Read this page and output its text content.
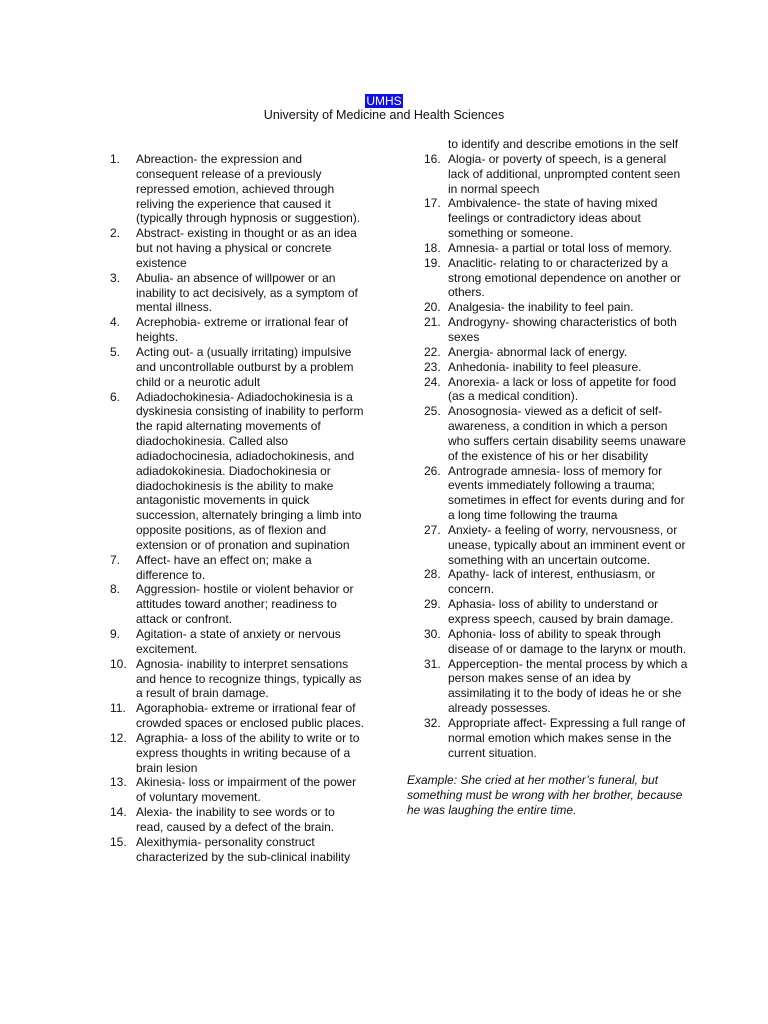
UMHS
University of Medicine and Health Sciences
1. Abreaction- the expression and consequent release of a previously repressed emotion, achieved through reliving the experience that caused it (typically through hypnosis or suggestion).
2. Abstract- existing in thought or as an idea but not having a physical or concrete existence
3. Abulia- an absence of willpower or an inability to act decisively, as a symptom of mental illness.
4. Acrephobia- extreme or irrational fear of heights.
5. Acting out- a (usually irritating) impulsive and uncontrollable outburst by a problem child or a neurotic adult
6. Adiadochokinesia- Adiadochokinesia is a dyskinesia consisting of inability to perform the rapid alternating movements of diadochokinesia. Called also adiadochocinesia, adiadochokinesis, and adiadokokinesia. Diadochokinesia or diadochokinesis is the ability to make antagonistic movements in quick succession, alternately bringing a limb into opposite positions, as of flexion and extension or of pronation and supination
7. Affect- have an effect on; make a difference to.
8. Aggression- hostile or violent behavior or attitudes toward another; readiness to attack or confront.
9. Agitation- a state of anxiety or nervous excitement.
10. Agnosia- inability to interpret sensations and hence to recognize things, typically as a result of brain damage.
11. Agoraphobia- extreme or irrational fear of crowded spaces or enclosed public places.
12. Agraphia- a loss of the ability to write or to express thoughts in writing because of a brain lesion
13. Akinesia- loss or impairment of the power of voluntary movement.
14. Alexia- the inability to see words or to read, caused by a defect of the brain.
15. Alexithymia- personality construct characterized by the sub-clinical inability
to identify and describe emotions in the self
16. Alogia- or poverty of speech, is a general lack of additional, unprompted content seen in normal speech
17. Ambivalence- the state of having mixed feelings or contradictory ideas about something or someone.
18. Amnesia- a partial or total loss of memory.
19. Anaclitic- relating to or characterized by a strong emotional dependence on another or others.
20. Analgesia- the inability to feel pain.
21. Androgyny- showing characteristics of both sexes
22. Anergia- abnormal lack of energy.
23. Anhedonia- inability to feel pleasure.
24. Anorexia- a lack or loss of appetite for food (as a medical condition).
25. Anosognosia- viewed as a deficit of self-awareness, a condition in which a person who suffers certain disability seems unaware of the existence of his or her disability
26. Antrograde amnesia- loss of memory for events immediately following a trauma; sometimes in effect for events during and for a long time following the trauma
27. Anxiety- a feeling of worry, nervousness, or unease, typically about an imminent event or something with an uncertain outcome.
28. Apathy- lack of interest, enthusiasm, or concern.
29. Aphasia- loss of ability to understand or express speech, caused by brain damage.
30. Aphonia- loss of ability to speak through disease of or damage to the larynx or mouth.
31. Apperception- the mental process by which a person makes sense of an idea by assimilating it to the body of ideas he or she already possesses.
32. Appropriate affect- Expressing a full range of normal emotion which makes sense in the current situation.
Example: She cried at her mother’s funeral, but something must be wrong with her brother, because he was laughing the entire time.
